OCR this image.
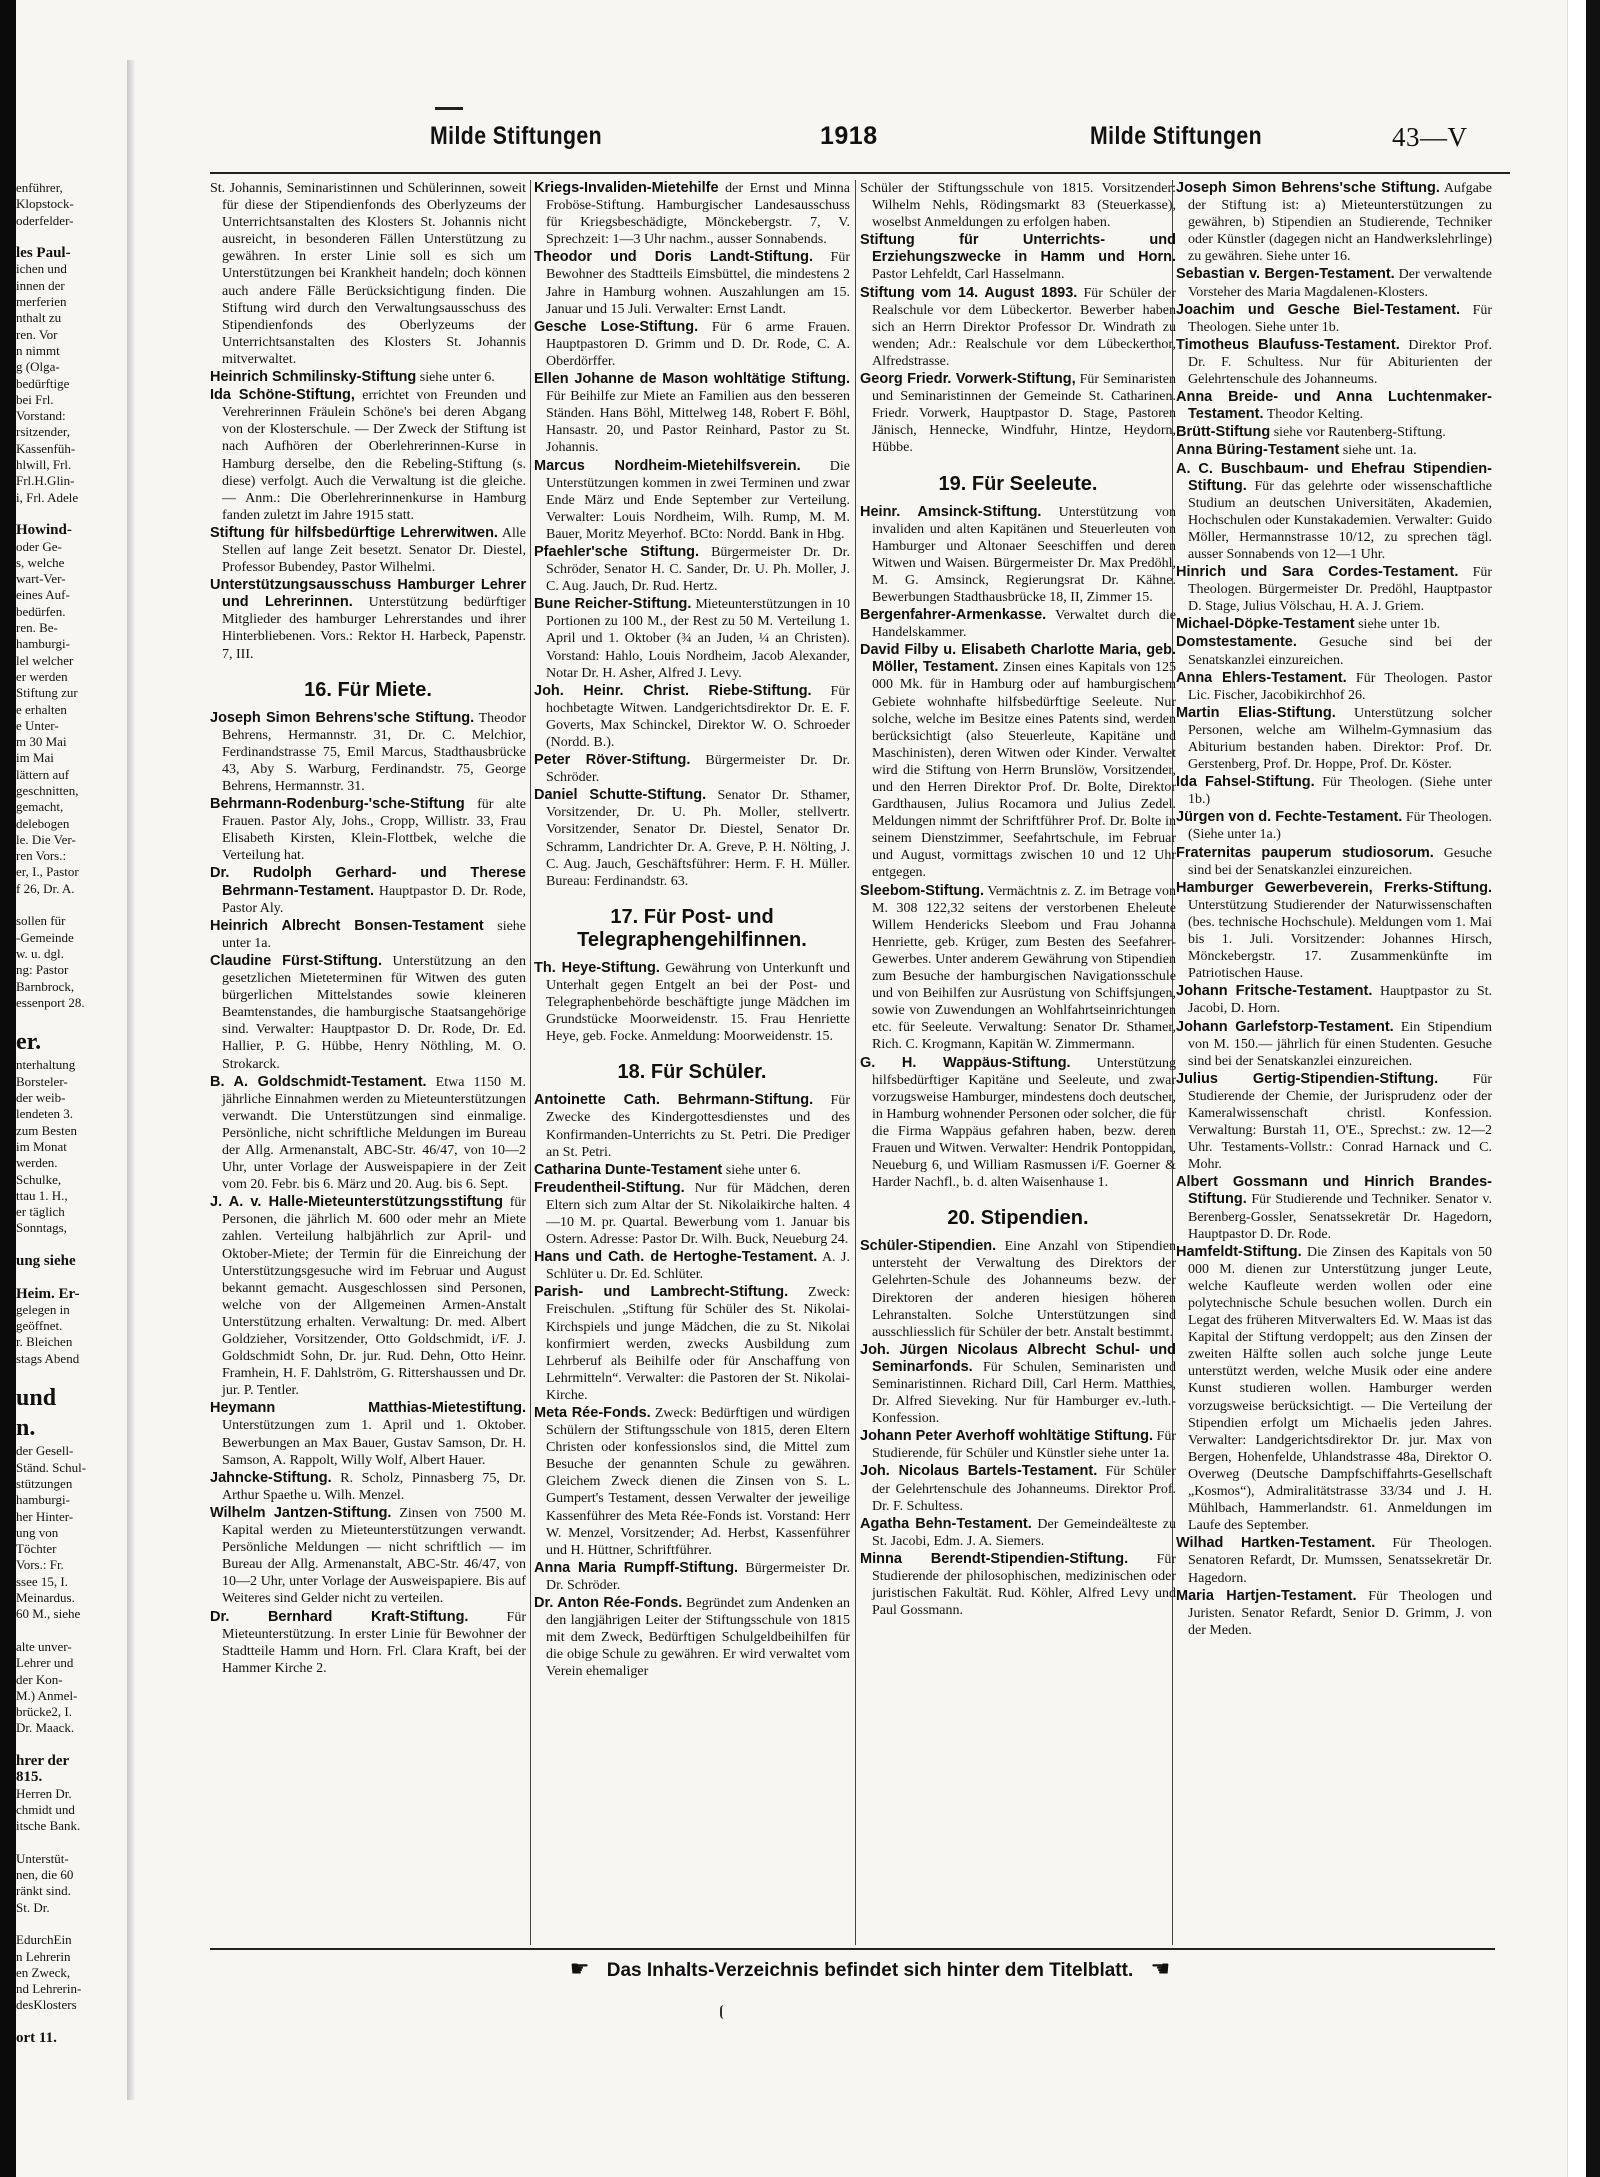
enführer,
Klopstock-
oderfelder-

les Paul-
ichen und
innen der
merferien
nthalt zu
ren. Vor
n nimmt
g (Olga-
bedürftige
bei Frl.
Vorstand:
rsitzender,
Kassenfüh-
hlwill, Frl.
Frl.H.Glin-
i, Frl. Adele

Howind-
oder Ge-
s, welche
wart-Ver-
eines Auf-
bedürfen.
ren. Be-
hamburgi-
lel welcher
er werden
Stiftung zur
e erhalten
e Unter-
m 30 Mai
im Mai
lättern auf
geschnitten,
gemacht,
delebogen
le. Die Ver-
ren Vors.:
er, I., Pastor
f 26, Dr. A.

sollen für
-Gemeinde
w. u. dgl.
ng: Pastor
Barnbrock,
essenport 28.

er.
nterhaltung
Borsteler-
der weib-
lendeten 3.
zum Besten
im Monat
werden.
Schulke,
ttau 1. H.,
er täglich
Sonntags,

ung siehe

Heim. Er-
gelegen in
geöffnet.
r. Bleichen
stags Abend

und
n.
der Gesell-
Ständ. Schul-
stützungen
hamburgi-
her Hinter-
ung von
Töchter
Vors.: Fr.
ssee 15, I.
Meinardus.
60 M., siehe

alte unver-
Lehrer und
der Kon-
M.) Anmel-
brücke2, I.
Dr. Maack.

hrer der
815.
Herren Dr.
chmidt und
itsche Bank.

Unterstüt-
nen, die 60
ränkt sind.
St. Dr.

EdurchEin
n Lehrerin
en Zweck,
nd Lehrerin-
desKlosters

ort 11.
Milde Stiftungen	1918	Milde Stiftungen	43—V
St. Johannis, Seminaristinnen und Schülerinnen, soweit für diese der Stipendienfonds des Oberlyzeums der Unterrichtsanstalten des Klosters St. Johannis nicht ausreicht, in besonderen Fällen Unterstützung zu gewähren. In erster Linie soll es sich um Unterstützungen bei Krankheit handeln; doch können auch andere Fälle Berücksichtigung finden. Die Stiftung wird durch den Verwaltungsausschuss des Stipendienfonds des Oberlyzeums der Unterrichtsanstalten des Klosters St. Johannis mitverwaltet.
Heinrich Schmilinsky-Stiftung siehe unter 6.
Ida Schöne-Stiftung, errichtet von Freunden und Verehrerinnen Fräulein Schöne's bei deren Abgang von der Klosterschule. — Der Zweck der Stiftung ist nach Aufhören der Oberlehrerinnen-Kurse in Hamburg derselbe, den die Rebeling-Stiftung (s. diese) verfolgt. Auch die Verwaltung ist die gleiche. — Anm.: Die Oberlehrerinnenkurse in Hamburg fanden zuletzt im Jahre 1915 statt.
Stiftung für hilfsbedürftige Lehrerwitwen. Alle Stellen auf lange Zeit besetzt. Senator Dr. Diestel, Professor Bubendey, Pastor Wilhelmi.
Unterstützungsausschuss Hamburger Lehrer und Lehrerinnen. Unterstützung bedürftiger Mitglieder des hamburger Lehrerstandes und ihrer Hinterbliebenen. Vors.: Rektor H. Harbeck, Papenstr. 7, III.
16. Für Miete.
Joseph Simon Behrens'sche Stiftung. Theodor Behrens, Hermannstr. 31, Dr. C. Melchior, Ferdinandstrasse 75, Emil Marcus, Stadthausbrücke 43, Aby S. Warburg, Ferdinandstr. 75, George Behrens, Hermannstr. 31.
Behrmann-Rodenburg-'sche-Stiftung für alte Frauen. Pastor Aly, Johs., Cropp, Willistr. 33, Frau Elisabeth Kirsten, Klein-Flottbek, welche die Verteilung hat.
Dr. Rudolph Gerhard- und Therese Behrmann-Testament. Hauptpastor D. Dr. Rode, Pastor Aly.
Heinrich Albrecht Bonsen-Testament siehe unter 1a.
Claudine Fürst-Stiftung. Unterstützung an den gesetzlichen Mieteterminen für Witwen des guten bürgerlichen Mittelstandes sowie kleineren Beamtenstandes, die hamburgische Staatsangehörige sind. Verwalter: Hauptpastor D. Dr. Rode, Dr. Ed. Hallier, P. G. Hübbe, Henry Nöthling, M. O. Strokarck.
B. A. Goldschmidt-Testament. Etwa 1150 M. jährliche Einnahmen werden zu Mieteunterstützungen verwandt. Die Unterstützungen sind einmalige. Persönliche, nicht schriftliche Meldungen im Bureau der Allg. Armenanstalt, ABC-Str. 46/47, von 10—2 Uhr, unter Vorlage der Ausweispapiere in der Zeit vom 20. Febr. bis 6. März und 20. Aug. bis 6. Sept.
J. A. v. Halle-Mieteunterstützungsstiftung für Personen, die jährlich M. 600 oder mehr an Miete zahlen. Verteilung halbjährlich zur April- und Oktober-Miete; der Termin für die Einreichung der Unterstützungsgesuche wird im Februar und August bekannt gemacht. Ausgeschlossen sind Personen, welche von der Allgemeinen Armen-Anstalt Unterstützung erhalten. Verwaltung: Dr. med. Albert Goldzieher, Vorsitzender, Otto Goldschmidt, i/F. J. Goldschmidt Sohn, Dr. jur. Rud. Dehn, Otto Heinr. Framhein, H. F. Dahlström, G. Rittershaussen und Dr. jur. P. Tentler.
Heymann Matthias-Mietestiftung. Unterstützungen zum 1. April und 1. Oktober. Bewerbungen an Max Bauer, Gustav Samson, Dr. H. Samson, A. Rappolt, Willy Wolf, Albert Hauer.
Jahncke-Stiftung. R. Scholz, Pinnasberg 75, Dr. Arthur Spaethe u. Wilh. Menzel.
Wilhelm Jantzen-Stiftung. Zinsen von 7500 M. Kapital werden zu Mieteunterstützungen verwandt. Persönliche Meldungen — nicht schriftlich — im Bureau der Allg. Armenanstalt, ABC-Str. 46/47, von 10—2 Uhr, unter Vorlage der Ausweispapiere. Bis auf Weiteres sind Gelder nicht zu verteilen.
Dr. Bernhard Kraft-Stiftung.	Für Mieteunterstützung. In erster Linie für Bewohner der Stadtteile Hamm und Horn. Frl. Clara Kraft, bei der Hammer Kirche 2.
Kriegs-Invaliden-Mietehilfe der Ernst und Minna Froböse-Stiftung. Hamburgischer Landesausschuss für Kriegsbeschädigte, Mönckebergstr. 7, V. Sprechzeit: 1—3 Uhr nachm., ausser Sonnabends.
Theodor und Doris Landt-Stiftung. Für Bewohner des Stadtteils Eimsbüttel, die mindestens 2 Jahre in Hamburg wohnen. Auszahlungen am 15. Januar und 15 Juli. Verwalter: Ernst Landt.
Gesche Lose-Stiftung. Für 6 arme Frauen. Hauptpastoren D. Grimm und D. Dr. Rode, C. A. Oberdörffer.
Ellen Johanne de Mason wohltätige Stiftung. Für Beihilfe zur Miete an Familien aus den besseren Ständen. Hans Böhl, Mittelweg 148, Robert F. Böhl, Hansastr. 20, und Pastor Reinhard, Pastor zu St. Johannis.
Marcus Nordheim-Mietehilfsverein. Die Unterstützungen kommen in zwei Terminen und zwar Ende März und Ende September zur Verteilung. Verwalter: Louis Nordheim, Wilh. Rump, M. M. Bauer, Moritz Meyerhof. BCto: Nordd. Bank in Hbg.
Pfaehler'sche Stiftung. Bürgermeister Dr. Dr. Schröder, Senator H. C. Sander, Dr. U. Ph. Moller, J. C. Aug. Jauch, Dr. Rud. Hertz.
Bune Reicher-Stiftung. Mieteunterstützungen in 10 Portionen zu 100 M., der Rest zu 50 M. Verteilung 1. April und 1. Oktober (¾ an Juden, ¼ an Christen). Vorstand: Hahlo, Louis Nordheim, Jacob Alexander, Notar Dr. H. Asher, Alfred J. Levy.
Joh. Heinr. Christ. Riebe-Stiftung. Für hochbetagte Witwen. Landgerichtsdirektor Dr. E. F. Goverts, Max Schinckel, Direktor W. O. Schroeder (Nordd. B.).
Peter Röver-Stiftung. Bürgermeister Dr. Dr. Schröder.
Daniel Schutte-Stiftung. Senator Dr. Sthamer, Vorsitzender, Dr. U. Ph. Moller, stellvertr. Vorsitzender, Senator Dr. Diestel, Senator Dr. Schramm, Landrichter Dr. A. Greve, P. H. Nölting, J. C. Aug. Jauch, Geschäftsführer: Herm. F. H. Müller. Bureau: Ferdinandstr. 63.
17. Für Post- und Telegraphengehilfinnen.
Th. Heye-Stiftung. Gewährung von Unterkunft und Unterhalt gegen Entgelt an bei der Post- und Telegraphenbehörde beschäftigte junge Mädchen im Grundstücke Moorweidenstr. 15. Frau Henriette Heye, geb. Focke. Anmeldung: Moorweidenstr. 15.
18. Für Schüler.
Antoinette Cath. Behrmann-Stiftung. Für Zwecke des Kindergottesdienstes und des Konfirmanden-Unterrichts zu St. Petri. Die Prediger an St. Petri.
Catharina Dunte-Testament siehe unter 6.
Freudentheil-Stiftung. Nur für Mädchen, deren Eltern sich zum Altar der St. Nikolaikirche halten. 4—10 M. pr. Quartal. Bewerbung vom 1. Januar bis Ostern. Adresse: Pastor Dr. Wilh. Buck, Neueburg 24.
Hans und Cath. de Hertoghe-Testament. A. J. Schlüter u. Dr. Ed. Schlüter.
Parish- und Lambrecht-Stiftung. Zweck: Freischulen. „Stiftung für Schüler des St. Nikolai-Kirchspiels und junge Mädchen, die zu St. Nikolai konfirmiert werden, zwecks Ausbildung zum Lehrberuf als Beihilfe oder für Anschaffung von Lehrmitteln“. Verwalter: die Pastoren der St. Nikolai-Kirche.
Meta Rée-Fonds. Zweck: Bedürftigen und würdigen Schülern der Stiftungsschule von 1815, deren Eltern Christen oder konfessionslos sind, die Mittel zum Besuche der genannten Schule zu gewähren. Gleichem Zweck dienen die Zinsen von S. L. Gumpert's Testament, dessen Verwalter der jeweilige Kassenführer des Meta Rée-Fonds ist. Vorstand: Herr W. Menzel, Vorsitzender; Ad. Herbst, Kassenführer und H. Hüttner, Schriftführer.
Anna Maria Rumpff-Stiftung. Bürgermeister Dr. Dr. Schröder.
Dr. Anton Rée-Fonds. Begründet zum Andenken an den langjährigen Leiter der Stiftungsschule von 1815 mit dem Zweck, Bedürftigen Schulgeldbeihilfen für die obige Schule zu gewähren. Er wird verwaltet vom Verein ehemaliger
Schüler der Stiftungsschule von 1815. Vorsitzender: Wilhelm Nehls, Rödingsmarkt 83 (Steuerkasse), woselbst Anmeldungen zu erfolgen haben.
Stiftung für Unterrichts- und Erziehungszwecke in Hamm und Horn. Pastor Lehfeldt, Carl Hasselmann.
Stiftung vom 14. August 1893. Für Schüler der Realschule vor dem Lübeckertor. Bewerber haben sich an Herrn Direktor Professor Dr. Windrath zu wenden; Adr.: Realschule vor dem Lübeckerthor, Alfredstrasse.
Georg Friedr. Vorwerk-Stiftung, Für Seminaristen und Seminaristinnen der Gemeinde St. Catharinen. Friedr. Vorwerk, Hauptpastor D. Stage, Pastoren Jänisch, Hennecke, Windfuhr, Hintze, Heydorn, Hübbe.
19. Für Seeleute.
Heinr. Amsinck-Stiftung. Unterstützung von invaliden und alten Kapitänen und Steuerleuten von Hamburger und Altonaer Seeschiffen und deren Witwen und Waisen. Bürgermeister Dr. Max Predöhl, M. G. Amsinck, Regierungsrat Dr. Kähne. Bewerbungen Stadthausbrücke 18, II, Zimmer 15.
Bergenfahrer-Armenkasse. Verwaltet durch die Handelskammer.
David Filby u. Elisabeth Charlotte Maria, geb. Möller, Testament. Zinsen eines Kapitals von 125 000 Mk. für in Hamburg oder auf hamburgischem Gebiete wohnhafte hilfsbedürftige Seeleute. Nur solche, welche im Besitze eines Patents sind, werden berücksichtigt (also Steuerleute, Kapitäne und Maschinisten), deren Witwen oder Kinder. Verwaltet wird die Stiftung von Herrn Brunslöw, Vorsitzender, und den Herren Direktor Prof. Dr. Bolte, Direktor Gardthausen, Julius Rocamora und Julius Zedel. Meldungen nimmt der Schriftführer Prof. Dr. Bolte in seinem Dienstzimmer, Seefahrtschule, im Februar und August, vormittags zwischen 10 und 12 Uhr entgegen.
Sleebom-Stiftung. Vermächtnis z. Z. im Betrage von M. 308 122,32 seitens der verstorbenen Eheleute Willem Hendericks Sleebom und Frau Johanna Henriette, geb. Krüger, zum Besten des Seefahrer-Gewerbes. Unter anderem Gewährung von Stipendien zum Besuche der hamburgischen Navigationsschule und von Beihilfen zur Ausrüstung von Schiffsjungen, sowie von Zuwendungen an Wohlfahrtseinrichtungen etc. für Seeleute. Verwaltung: Senator Dr. Sthamer, Rich. C. Krogmann, Kapitän W. Zimmermann.
G. H. Wappäus-Stiftung. Unterstützung hilfsbedürftiger Kapitäne und Seeleute, und zwar vorzugsweise Hamburger, mindestens doch deutscher, in Hamburg wohnender Personen oder solcher, die für die Firma Wappäus gefahren haben, bezw. deren Frauen und Witwen. Verwalter: Hendrik Pontoppidan, Neueburg 6, und William Rasmussen i/F. Goerner & Harder Nachfl., b. d. alten Waisenhause 1.
20. Stipendien.
Schüler-Stipendien. Eine Anzahl von Stipendien untersteht der Verwaltung des Direktors der Gelehrten-Schule des Johanneums bezw. der Direktoren der anderen hiesigen höheren Lehranstalten. Solche Unterstützungen sind ausschliesslich für Schüler der betr. Anstalt bestimmt.
Joh. Jürgen Nicolaus Albrecht Schul- und Seminarfonds. Für Schulen, Seminaristen und Seminaristinnen. Richard Dill, Carl Herm. Matthies, Dr. Alfred Sieveking. Nur für Hamburger ev.-luth.-Konfession.
Johann Peter Averhoff wohltätige Stiftung. Für Studierende, für Schüler und Künstler siehe unter 1a.
Joh. Nicolaus Bartels-Testament. Für Schüler der Gelehrtenschule des Johanneums. Direktor Prof. Dr. F. Schultess.
Agatha Behn-Testament. Der Gemeindeälteste zu St. Jacobi, Edm. J. A. Siemers.
Minna Berendt-Stipendien-Stiftung. Für Studierende der philosophischen, medizinischen oder juristischen Fakultät. Rud. Köhler, Alfred Levy und Paul Gossmann.
Joseph Simon Behrens'sche Stiftung. Aufgabe der Stiftung ist: a) Mieteunterstützungen zu gewähren, b) Stipendien an Studierende, Techniker oder Künstler (dagegen nicht an Handwerkslehrlinge) zu gewähren. Siehe unter 16.
Sebastian v. Bergen-Testament. Der verwaltende Vorsteher des Maria Magdalenen-Klosters.
Joachim und Gesche Biel-Testament. Für Theologen. Siehe unter 1b.
Timotheus Blaufuss-Testament. Direktor Prof. Dr. F. Schultess. Nur für Abiturienten der Gelehrtenschule des Johanneums.
Anna Breide- und Anna Luchtenmaker-Testament. Theodor Kelting.
Brütt-Stiftung siehe vor Rautenberg-Stiftung.
Anna Büring-Testament siehe unt. 1a.
A. C. Buschbaum- und Ehefrau Stipendien-Stiftung. Für das gelehrte oder wissenschaftliche Studium an deutschen Universitäten, Akademien, Hochschulen oder Kunstakademien. Verwalter: Guido Möller, Hermannstrasse 10/12, zu sprechen tägl. ausser Sonnabends von 12—1 Uhr.
Hinrich und Sara Cordes-Testament. Für Theologen. Bürgermeister Dr. Predöhl, Hauptpastor D. Stage, Julius Völschau, H. A. J. Griem.
Michael-Döpke-Testament siehe unter 1b.
Domstestamente. Gesuche sind bei der Senatskanzlei einzureichen.
Anna Ehlers-Testament. Für Theologen. Pastor Lic. Fischer, Jacobikirchhof 26.
Martin Elias-Stiftung. Unterstützung solcher Personen, welche am Wilhelm-Gymnasium das Abiturium bestanden haben. Direktor: Prof. Dr. Gerstenberg, Prof. Dr. Hoppe, Prof. Dr. Köster.
Ida Fahsel-Stiftung. Für Theologen. (Siehe unter 1b.)
Jürgen von d. Fechte-Testament. Für Theologen. (Siehe unter 1a.)
Fraternitas pauperum studiosorum. Gesuche sind bei der Senatskanzlei einzureichen.
Hamburger Gewerbeverein, Frerks-Stiftung. Unterstützung Studierender der Naturwissenschaften (bes. technische Hochschule). Meldungen vom 1. Mai bis 1. Juli. Vorsitzender: Johannes Hirsch, Mönckebergstr. 17. Zusammenkünfte im Patriotischen Hause.
Johann Fritsche-Testament. Hauptpastor zu St. Jacobi, D. Horn.
Johann Garlefstorp-Testament. Ein Stipendium von M. 150.— jährlich für einen Studenten. Gesuche sind bei der Senatskanzlei einzureichen.
Julius Gertig-Stipendien-Stiftung. Für Studierende der Chemie, der Jurisprudenz oder der Kameralwissenschaft christl. Konfession. Verwaltung: Burstah 11, O'E., Sprechst.: zw. 12—2 Uhr. Testaments-Vollstr.: Conrad Harnack und C. Mohr.
Albert Gossmann und Hinrich Brandes-Stiftung. Für Studierende und Techniker. Senator v. Berenberg-Gossler, Senatssekretär Dr. Hagedorn, Hauptpastor D. Dr. Rode.
Hamfeldt-Stiftung. Die Zinsen des Kapitals von 50 000 M. dienen zur Unterstützung junger Leute, welche Kaufleute werden wollen oder eine polytechnische Schule besuchen wollen. Durch ein Legat des früheren Mitverwalters Ed. W. Maas ist das Kapital der Stiftung verdoppelt; aus den Zinsen der zweiten Hälfte sollen auch solche junge Leute unterstützt werden, welche Musik oder eine andere Kunst studieren wollen. Hamburger werden vorzugsweise berücksichtigt. — Die Verteilung der Stipendien erfolgt um Michaelis jeden Jahres. Verwalter: Landgerichtsdirektor Dr. jur. Max von Bergen, Hohenfelde, Uhlandstrasse 48a, Direktor O. Overweg (Deutsche Dampfschiffahrts-Gesellschaft „Kosmos“), Admiralitätstrasse 33/34 und J. H. Mühlbach, Hammerlandstr. 61. Anmeldungen im Laufe des September.
Wilhad Hartken-Testament. Für Theologen. Senatoren Refardt, Dr. Mumssen, Senatssekretär Dr. Hagedorn.
Maria Hartjen-Testament. Für Theologen und Juristen. Senator Refardt, Senior D. Grimm, J. von der Meden.
☛ Das Inhalts-Verzeichnis befindet sich hinter dem Titelblatt. ☚
